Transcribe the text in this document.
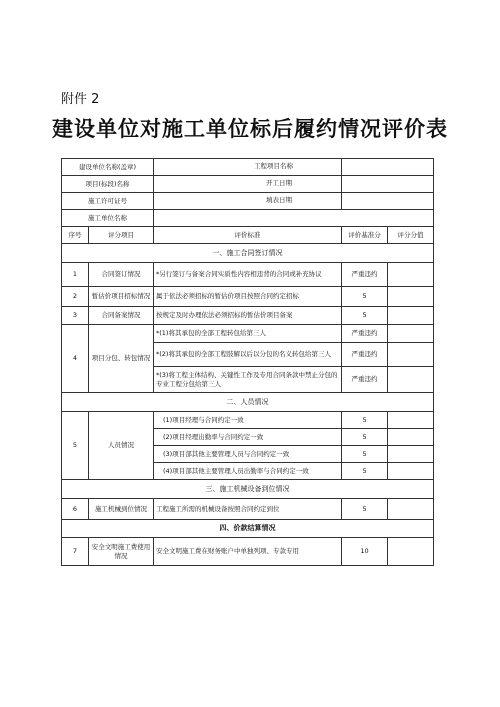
附件 2
建设单位对施工单位标后履约情况评价表
建设单位名称(盖章)			工程项目名称	

项目(标段)名称			开工日期	

施工许可证号			填表日期	

施工单位名称				
序号	评分项目	评价标准	评价基准分	评分分值
一、施工合同签订情况				
1	合同签订情况	*另行签订与备案合同实质性内容相违背的合同或补充协议	严重违约	
2	暂估价项目招标情况	属于依法必须招标的暂估价项目按照合同约定招标	5	
3	合同备案情况	按规定及时办理依法必须招标的暂估价项目备案	5	
4	项目分包、转包情况	*(1)将其承包的全部工程转包给第三人	严重违约	
		*(2)将其承包的全部工程肢解以后以分包的名义转包给第三人	严重违约	
		*(3)将工程主体结构、关键性工作及专用合同条款中禁止分包的专业工程分包给第三人	严重违约	
二、人员情况				
5	人员情况	(1)项目经理与合同约定一致	5	
		(2)项目经理出勤率与合同约定一致	5	
		(3)项目部其他主要管理人员与合同约定一致	5	
		(4)项目部其他主要管理人员出勤率与合同约定一致	5	
三、施工机械设备到位情况				
6	施工机械到位情况	工程施工所需的机械设备按照合同约定到位	5	
四、价款结算情况				
7	安全文明施工费使用情况	安全文明施工费在财务账户中单独列项、专款专用	10	
